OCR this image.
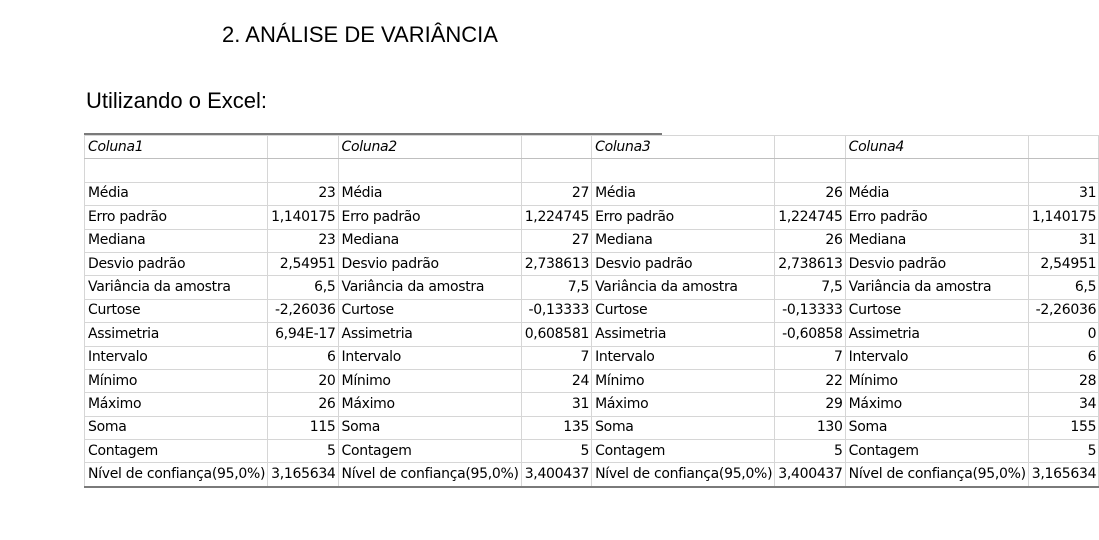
2. ANÁLISE DE VARIÂNCIA
Utilizando o Excel:
Coluna1		Coluna2		Coluna3		Coluna4	

Média	23	Média	27	Média	26	Média	31
Erro padrão	1,140175	Erro padrão	1,224745	Erro padrão	1,224745	Erro padrão	1,140175
Mediana	23	Mediana	27	Mediana	26	Mediana	31
Desvio padrão	2,54951	Desvio padrão	2,738613	Desvio padrão	2,738613	Desvio padrão	2,54951
Variância da amostra	6,5	Variância da amostra	7,5	Variância da amostra	7,5	Variância da amostra	6,5
Curtose	-2,26036	Curtose	-0,13333	Curtose	-0,13333	Curtose	-2,26036
Assimetria	6,94E-17	Assimetria	0,608581	Assimetria	-0,60858	Assimetria	0
Intervalo	6	Intervalo	7	Intervalo	7	Intervalo	6
Mínimo	20	Mínimo	24	Mínimo	22	Mínimo	28
Máximo	26	Máximo	31	Máximo	29	Máximo	34
Soma	115	Soma	135	Soma	130	Soma	155
Contagem	5	Contagem	5	Contagem	5	Contagem	5
Nível de confiança(95,0%)	3,165634	Nível de confiança(95,0%)	3,400437	Nível de confiança(95,0%)	3,400437	Nível de confiança(95,0%)	3,165634
